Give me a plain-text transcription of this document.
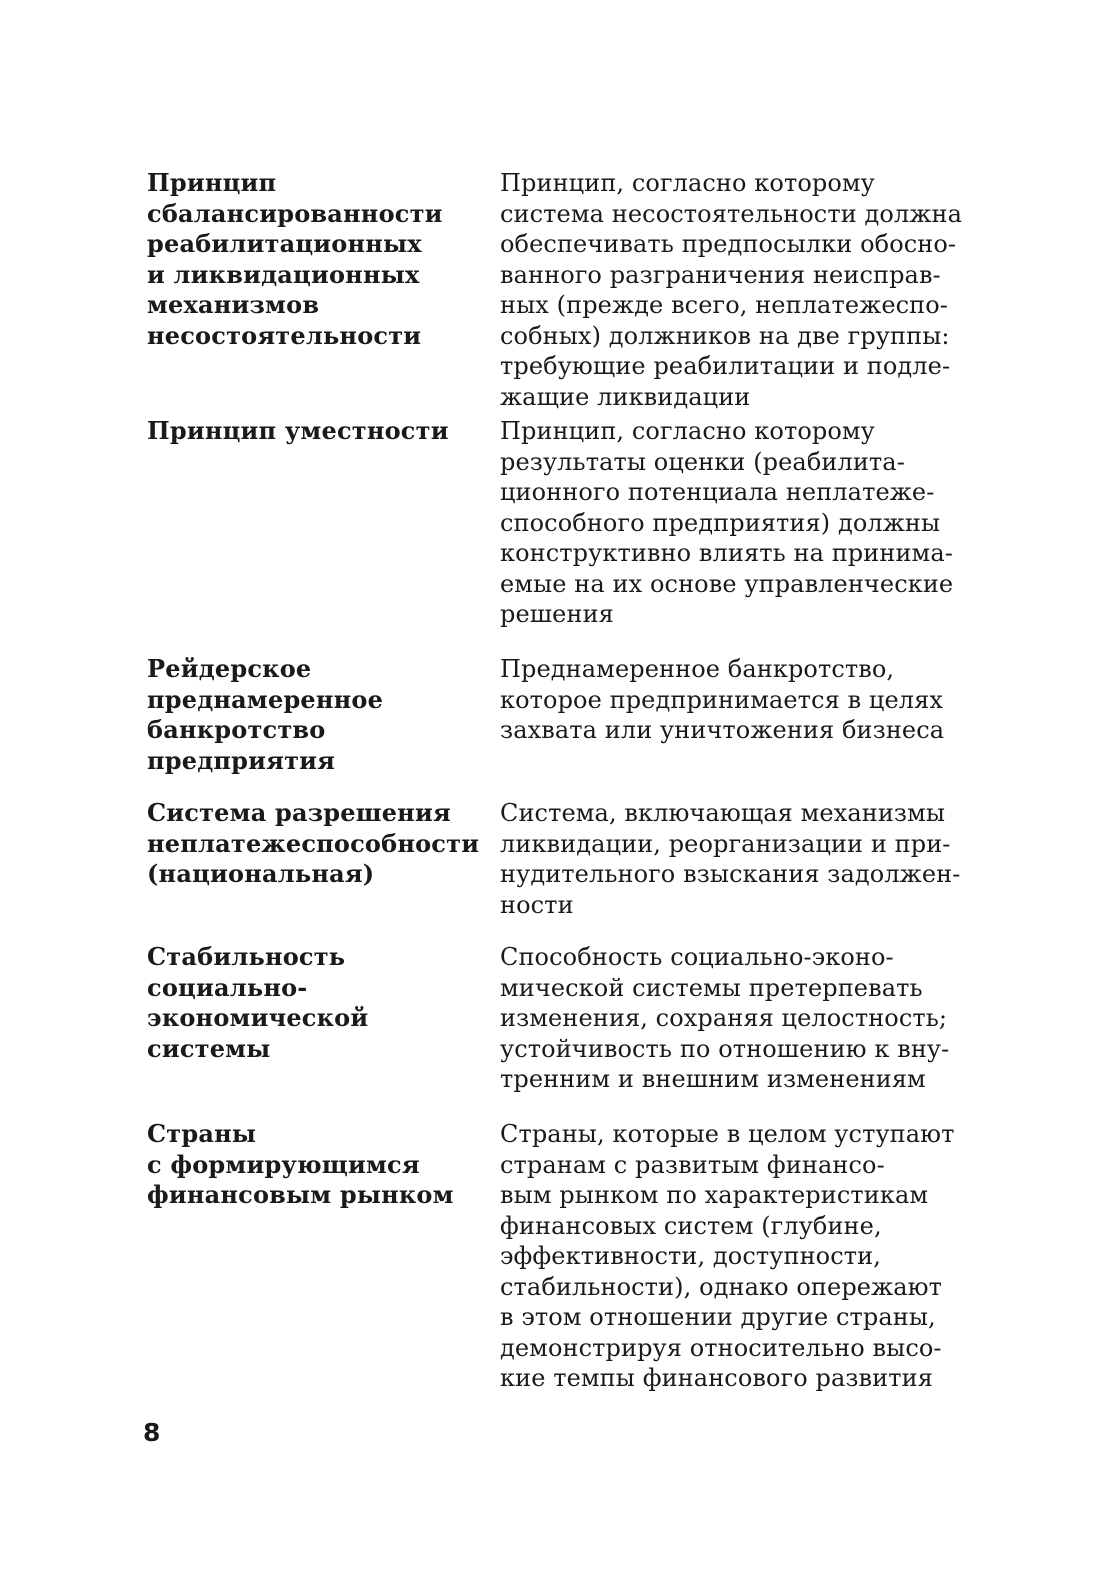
Принцип
сбалансированности
реабилитационных
и ликвидационных
механизмов
несостоятельности
Принцип, согласно которому
система несостоятельности должна
обеспечивать предпосылки обосно-
ванного разграничения неисправ-
ных (прежде всего, неплатежеспо-
собных) должников на две группы:
требующие реабилитации и подле-
жащие ликвидации
Принцип уместности	Принцип, согласно которому
результаты оценки (реабилита-
ционного потенциала неплатеже-
способного предприятия) должны
конструктивно влиять на принима-
емые на их основе управленческие
решения
Рейдерское
преднамеренное
банкротство
предприятия
Преднамеренное банкротство,
которое предпринимается в целях
захвата или уничтожения бизнеса
Система разрешения
неплатежеспособности
(национальная)
Система, включающая механизмы
ликвидации, реорганизации и при-
нудительного взыскания задолжен-
ности
Стабильность
социально-
экономической
системы
Способность социально-эконо-
мической системы претерпевать
изменения, сохраняя целостность;
устойчивость по отношению к вну-
тренним и внешним изменениям
Страны
с формирующимся
финансовым рынком
Страны, которые в целом уступают
странам с развитым финансо-
вым рынком по характеристикам
финансовых систем (глубине,
эффективности, доступности,
стабильности), однако опережают
в этом отношении другие страны,
демонстрируя относительно высо-
кие темпы финансового развития
8
